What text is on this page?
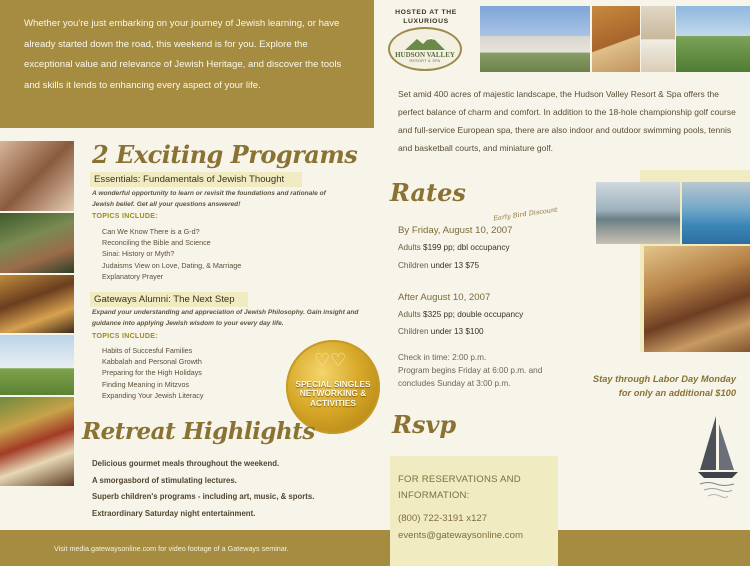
Whether you're just embarking on your journey of Jewish learning, or have already started down the road, this weekend is for you. Explore the exceptional value and relevance of Jewish Heritage, and discover the tools and skills it lends to enhancing every aspect of your life.

HOSTED AT THE LUXURIOUS
HUDSON VALLEY
RESORT & SPA

Set amid 400 acres of majestic landscape, the Hudson Valley Resort & Spa offers the perfect balance of charm and comfort. In addition to the 18-hole championship golf course and full-service European spa, there are also indoor and outdoor swimming pools, tennis and basketball courts, and miniature golf.

2 Exciting Programs
Essentials: Fundamentals of Jewish Thought

A wonderful opportunity to learn or revisit the foundations and rationale of Jewish belief. Get all your questions answered!

TOPICS INCLUDE:
Can We Know There is a G-d?
Reconciling the Bible and Science
Sinai: History or Myth?
Judaisms View on Love, Dating, & Marriage
Explanatory Prayer
Gateways Alumni: The Next Step

Expand your understanding and appreciation of Jewish Philosophy. Gain insight and guidance into applying Jewish wisdom to your every day life.

TOPICS INCLUDE:
Habits of Succesful Families
Kabbalah and Personal Growth
Preparing for the High Holidays
Finding Meaning in Mitzvos
Expanding Your Jewish Literacy
♡♡
SPECIAL SINGLES NETWORKING & ACTIVITIES
Retreat Highlights
Delicious gourmet meals throughout the weekend.
A smorgasbord of stimulating lectures.
Superb children's programs - including art, music, & sports.
Extraordinary Saturday night entertainment.
Rates
Early Bird Discount
By Friday, August 10, 2007
Adults $199 pp; dbl occupancy
Children under 13 $75
After August 10, 2007
Adults $325 pp; double occupancy
Children under 13 $100
Check in time: 2:00 p.m.
Program begins Friday at 6:00 p.m. and concludes Sunday at 3:00 p.m.	Stay through Labor Day Monday
for only an additional $100
Rsvp
Visit media.gatewaysonline.com for video footage of a Gateways seminar.
FOR RESERVATIONS AND INFORMATION:
(800) 722-3191 x127
events@gatewaysonline.com
